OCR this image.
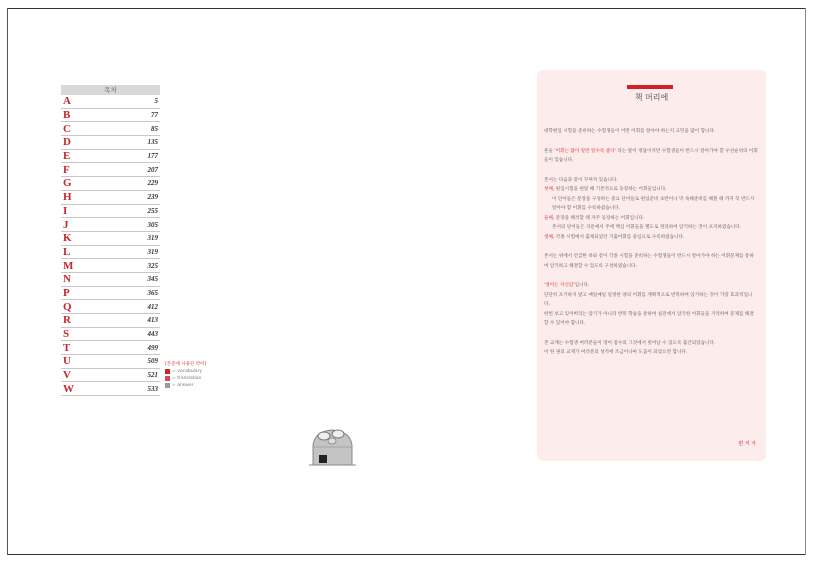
목차
A	5
B	77
C	85
D	135
E	177
F	207
G	229
H	239
I	255
J	305
K	319
L	319
M	325
N	345
P	365
Q	412
R	413
S	443
T	499
U	509
V	521
W	533
[본문에 사용된 약어]
= vocabulary
= translation
= answer
책 머리에

대학편입 시험을 준비하는 수험생들이 어떤 어휘를 알아야 하는지 고민을 많이 합니다.

흔들 '어휘는 많이 알면 알수록 좋다' 라는 말이 정답이지만 수험생들이 반드시 알아가야 할 우선순위의 어휘들이 있습니다.

본서는 다음과 같이 꾸며져 있습니다.

첫째, 편입시험을 현달 때 기본적으로 등장하는 어휘들입니다.

이 단어들은 문장을 구성하는 중요 단어들로 편입준비 초반이나 막 독해준비를 해볼 때 까지 꼭 반드시 알아야 할 어휘를 수록하였습니다.

둘째, 문장을 해석할 때 자주 등장하는 어휘입니다.

본서의 단어들은 지문에서 주에 핵심 어휘들을 별도로 정리하여 암기하는 것이 포지하였습니다.

셋째, 각종 시험에서 출제되었던 기출어휘를 중심으로 수록하였습니다.

본서는 위에서 언급한 바와 같이 각종 시험을 준비하는 수험생들이 반드시 알아가야 하는 어휘문제를 통하여 암기하고 해결할 수 있도록 구성하였습니다.

'영어는 자신감'입니다.

단단히 포기하지 말고 매일매일 일정한 양의 어휘를 계획적으로 반복하여 암기하는 것이 가장 효과적입니다.

한번 보고 잊어버리는 암기가 아니라 반복 학습을 통하여 실전에서 암기한 어휘들을 기억하여 문제를 해결할 수 있어야 합니다.

본 교재는 수험생 여러분들이 영어 점수의 그것에서 벗어날 수 있도록 출간되었습니다.

이 한 권의 교재가 여러분의 성적에 조금이나마 도움이 되었으면 합니다.

편 저 자
